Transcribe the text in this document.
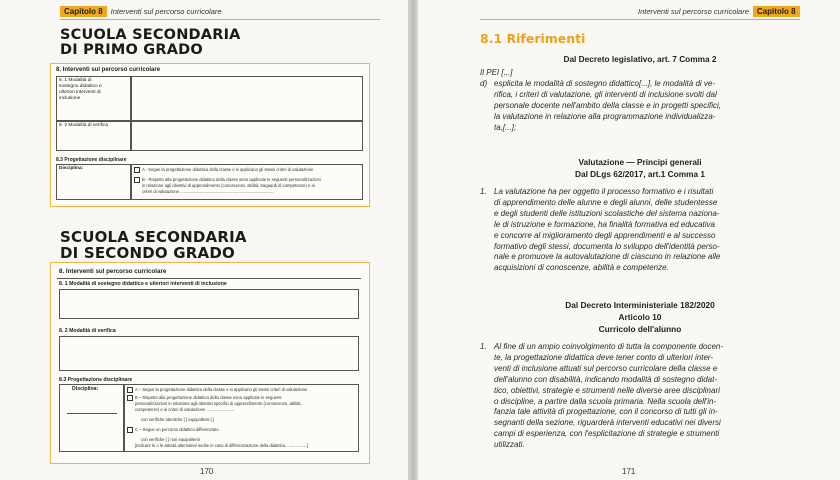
Capitolo 8 Interventi sul percorso curricolare
SCUOLA SECONDARIA
DI PRIMO GRADO
8. Interventi sul percorso curricolare
8. 1 Modalità di
sostegno didattico e
ulteriori interventi di
inclusione
8. 2 Modalità di verifica
8.3 Progettazione disciplinare
Disciplina:	A - Segue la progettazione didattica della classe e si applicano gli stessi criteri di valutazione
B - Rispetto alla progettazione didattica della classe sono applicate le seguenti personalizzazioni
in relazione agli obiettivi di apprendimento (conoscenze, abilità, traguardi di competenze) e ai
criteri di valutazione .................................................................................
SCUOLA SECONDARIA
DI SECONDO GRADO
8. Interventi sul percorso curricolare
8. 1 Modalità di sostegno didattico e ulteriori interventi di inclusione
8. 2 Modalità di verifica
8.3 Progettazione disciplinare
Disciplina:	A – Segue la progettazione didattica della classe e si applicano gli stessi criteri di valutazione
B – Rispetto alla progettazione didattica della classe sono applicate le seguenti
personalizzazioni in relazione agli obiettivi specifici di apprendimento (conoscenze, abilità,
competenze) e ai criteri di valutazione ........................
con verifiche identiche [ ] equipollenti [ ]
C – Segue un percorso didattico differenziato
con verifiche [ ] non equipollenti
[indicare le o le attività alternative svolte in caso di differenziazione della didattica...................]
170
Interventi sul percorso curricolare Capitolo 8
8.1 Riferimenti
Dal Decreto legislativo, art. 7 Comma 2
Il PEI [...]
d) esplicita le modalità di sostegno didattico[...], le modalità di ve-
rifica, i criteri di valutazione, gli interventi di inclusione svolti dal
personale docente nell'ambito della classe e in progetti specifici,
la valutazione in relazione alla programmazione individualizza-
ta,[...];
Valutazione — Principi generali
Dal DLgs 62/2017, art.1 Comma 1
1. La valutazione ha per oggetto il processo formativo e i risultati
di apprendimento delle alunne e degli alunni, delle studentesse
e degli studenti delle istituzioni scolastiche del sistema naziona-
le di istruzione e formazione, ha finalità formativa ed educativa
e concorre al miglioramento degli apprendimenti e al successo
formativo degli stessi, documenta lo sviluppo dell'identità perso-
nale e promuove la autovalutazione di ciascuno in relazione alle
acquisizioni di conoscenze, abilità e competenze.
Dal Decreto Interministeriale 182/2020
Articolo 10
Curricolo dell'alunno
1. Al fine di un ampio coinvolgimento di tutta la componente docen-
te, la progettazione didattica deve tener conto di ulteriori inter-
venti di inclusione attuati sul percorso curricolare della classe e
dell'alunno con disabilità, indicando modalità di sostegno didat-
tico, obiettivi, strategie e strumenti nelle diverse aree disciplinari
o discipline, a partire dalla scuola primaria. Nella scuola dell'in-
fanzia tale attività di progettazione, con il concorso di tutti gli in-
segnanti della sezione, riguarderà interventi educativi nei diversi
campi di esperienza, con l'esplicitazione di strategie e strumenti
utilizzati.
171
